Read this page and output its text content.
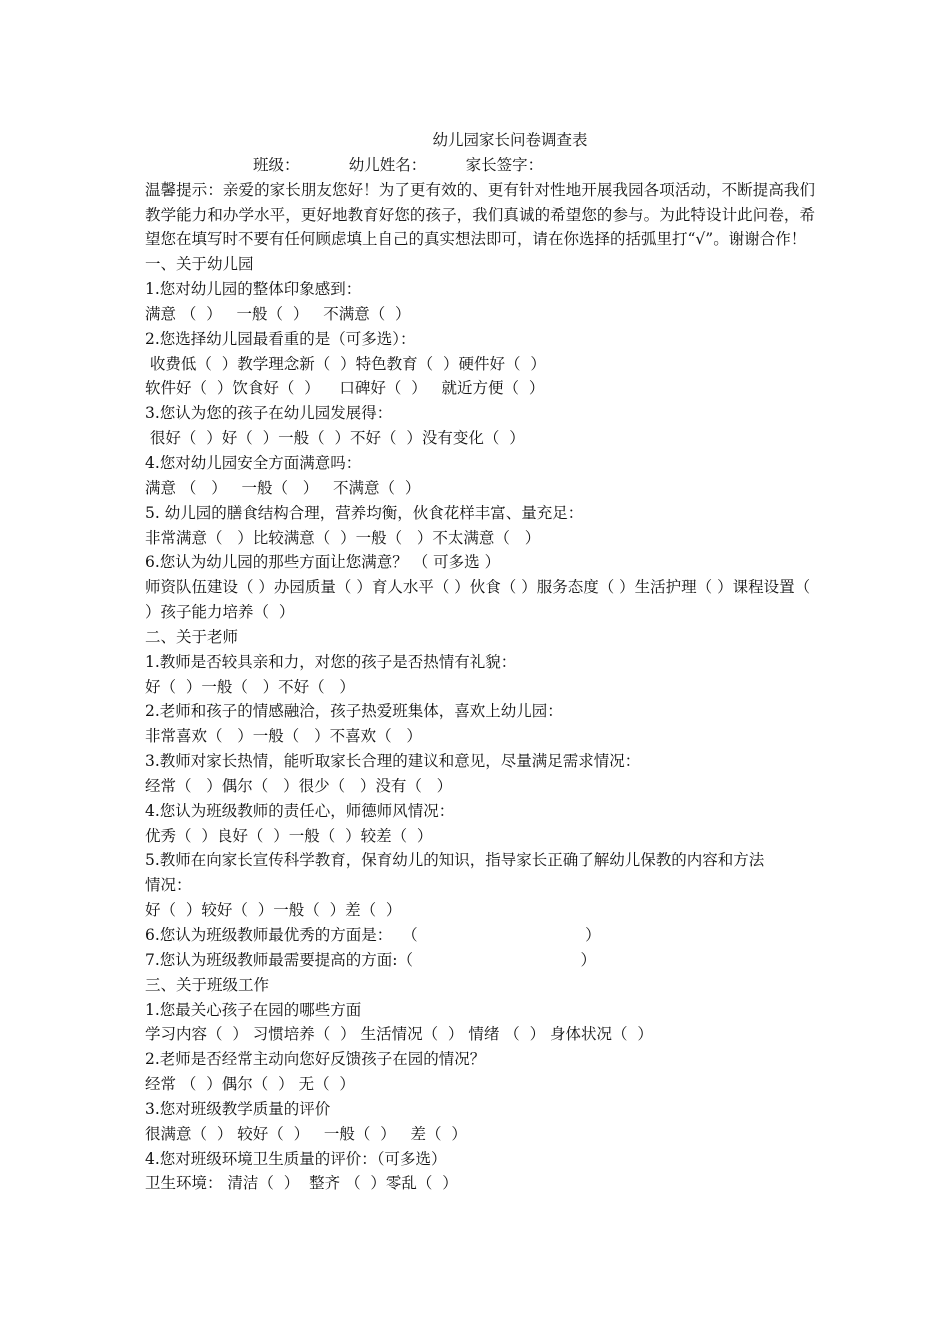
幼儿园家长问卷调查表
班级：          幼儿姓名：        家长签字：
温馨提示：亲爱的家长朋友您好！为了更有效的、更有针对性地开展我园各项活动，不断提高我们教学能力和办学水平，更好地教育好您的孩子，我们真诚的希望您的参与。为此特设计此问卷，希望您在填写时不要有任何顾虑填上自己的真实想法即可，请在你选择的括弧里打“√”。谢谢合作！
一、关于幼儿园
1.您对幼儿园的整体印象感到：
满意 （  ）   一般（  ）   不满意（  ）
2.您选择幼儿园最看重的是（可多选）：
收费低（  ）教学理念新（  ）特色教育（  ）硬件好（  ）
软件好（  ）饮食好（  ）    口碑好（  ）   就近方便（  ）
3.您认为您的孩子在幼儿园发展得：
很好（  ）好（  ）一般（  ）不好（  ）没有变化（  ）
4.您对幼儿园安全方面满意吗：
满意 （   ）   一般（   ）   不满意（  ）
5. 幼儿园的膳食结构合理，营养均衡，伙食花样丰富、量充足：
非常满意（   ）比较满意（  ）一般（   ）不太满意（   ）
6.您认为幼儿园的那些方面让您满意？ （ 可多选 ）
师资队伍建设（ ）办园质量（ ）育人水平（ ）伙食（ ）服务态度（ ）生活护理（ ）课程设置（
）孩子能力培养（  ）
二、关于老师
1.教师是否较具亲和力，对您的孩子是否热情有礼貌：
好（  ）一般（   ）不好（   ）
2.老师和孩子的情感融洽，孩子热爱班集体，喜欢上幼儿园：
非常喜欢（   ）一般（   ）不喜欢（   ）
3.教师对家长热情，能听取家长合理的建议和意见，尽量满足需求情况：
经常（   ）偶尔（   ）很少（   ）没有（   ）
4.您认为班级教师的责任心，师德师风情况：
优秀（  ）良好（  ）一般（  ）较差（  ）
5.教师在向家长宣传科学教育，保育幼儿的知识，指导家长正确了解幼儿保教的内容和方法
情况：
好（  ）较好（  ）一般（  ）差（  ）
6.您认为班级教师最优秀的方面是：  （                                  ）
7.您认为班级教师最需要提高的方面:（                                  ）
三、关于班级工作
1.您最关心孩子在园的哪些方面
学习内容（  ） 习惯培养（  ） 生活情况（  ） 情绪 （  ） 身体状况（  ）
2.老师是否经常主动向您好反馈孩子在园的情况？
经常 （  ）偶尔（  ） 无（  ）
3.您对班级教学质量的评价
很满意（  ） 较好（  ）   一般（  ）   差（  ）
4.您对班级环境卫生质量的评价：（可多选）
卫生环境： 清洁（  ）  整齐 （  ）零乱（  ）
